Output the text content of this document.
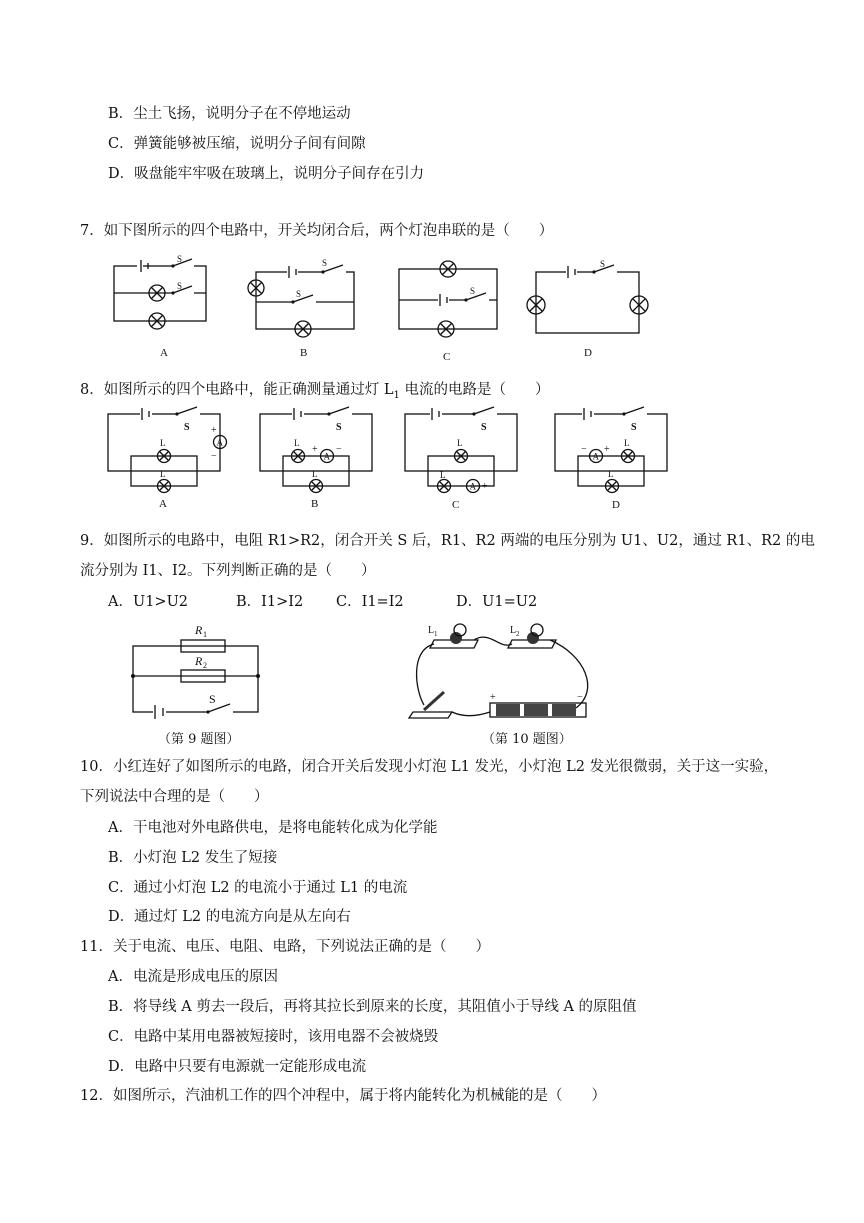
B．尘土飞扬，说明分子在不停地运动
C．弹簧能够被压缩，说明分子间有间隙
D．吸盘能牢牢吸在玻璃上，说明分子间存在引力
7．如下图所示的四个电路中，开关均闭合后，两个灯泡串联的是（　　）
S
S
A
S
S
B
S
C
S
D
8．如图所示的四个电路中，能正确测量通过灯 $L_1$ 电流的电路是（　　）
S
A
+
−
L
L
A
S
L
A
+ −
L
B
S
L
L
A
− +
C
S
A
− +
L
L
D
9．如图所示的电路中，电阻 R1>R2，闭合开关 S 后，R1、R2 两端的电压分别为 U1、U2，通过 R1、R2 的电
流分别为 I1、I2。下列判断正确的是（　　）
A．U1>U2	B．I1>I2 C．I1=I2	D．U1=U2
R 1
R 2
S
（第 9 题图）
L 1	L 2
+	−
（第 10 题图）
10．小红连好了如图所示的电路，闭合开关后发现小灯泡 L1 发光，小灯泡 L2 发光很微弱，关于这一实验，
下列说法中合理的是（　　）
A．干电池对外电路供电，是将电能转化成为化学能
B．小灯泡 L2 发生了短接
C．通过小灯泡 L2 的电流小于通过 L1 的电流
D．通过灯 L2 的电流方向是从左向右
11．关于电流、电压、电阻、电路，下列说法正确的是（　　）
A．电流是形成电压的原因
B．将导线 A 剪去一段后，再将其拉长到原来的长度，其阻值小于导线 A 的原阻值
C．电路中某用电器被短接时，该用电器不会被烧毁
D．电路中只要有电源就一定能形成电流
12．如图所示，汽油机工作的四个冲程中，属于将内能转化为机械能的是（　　）
